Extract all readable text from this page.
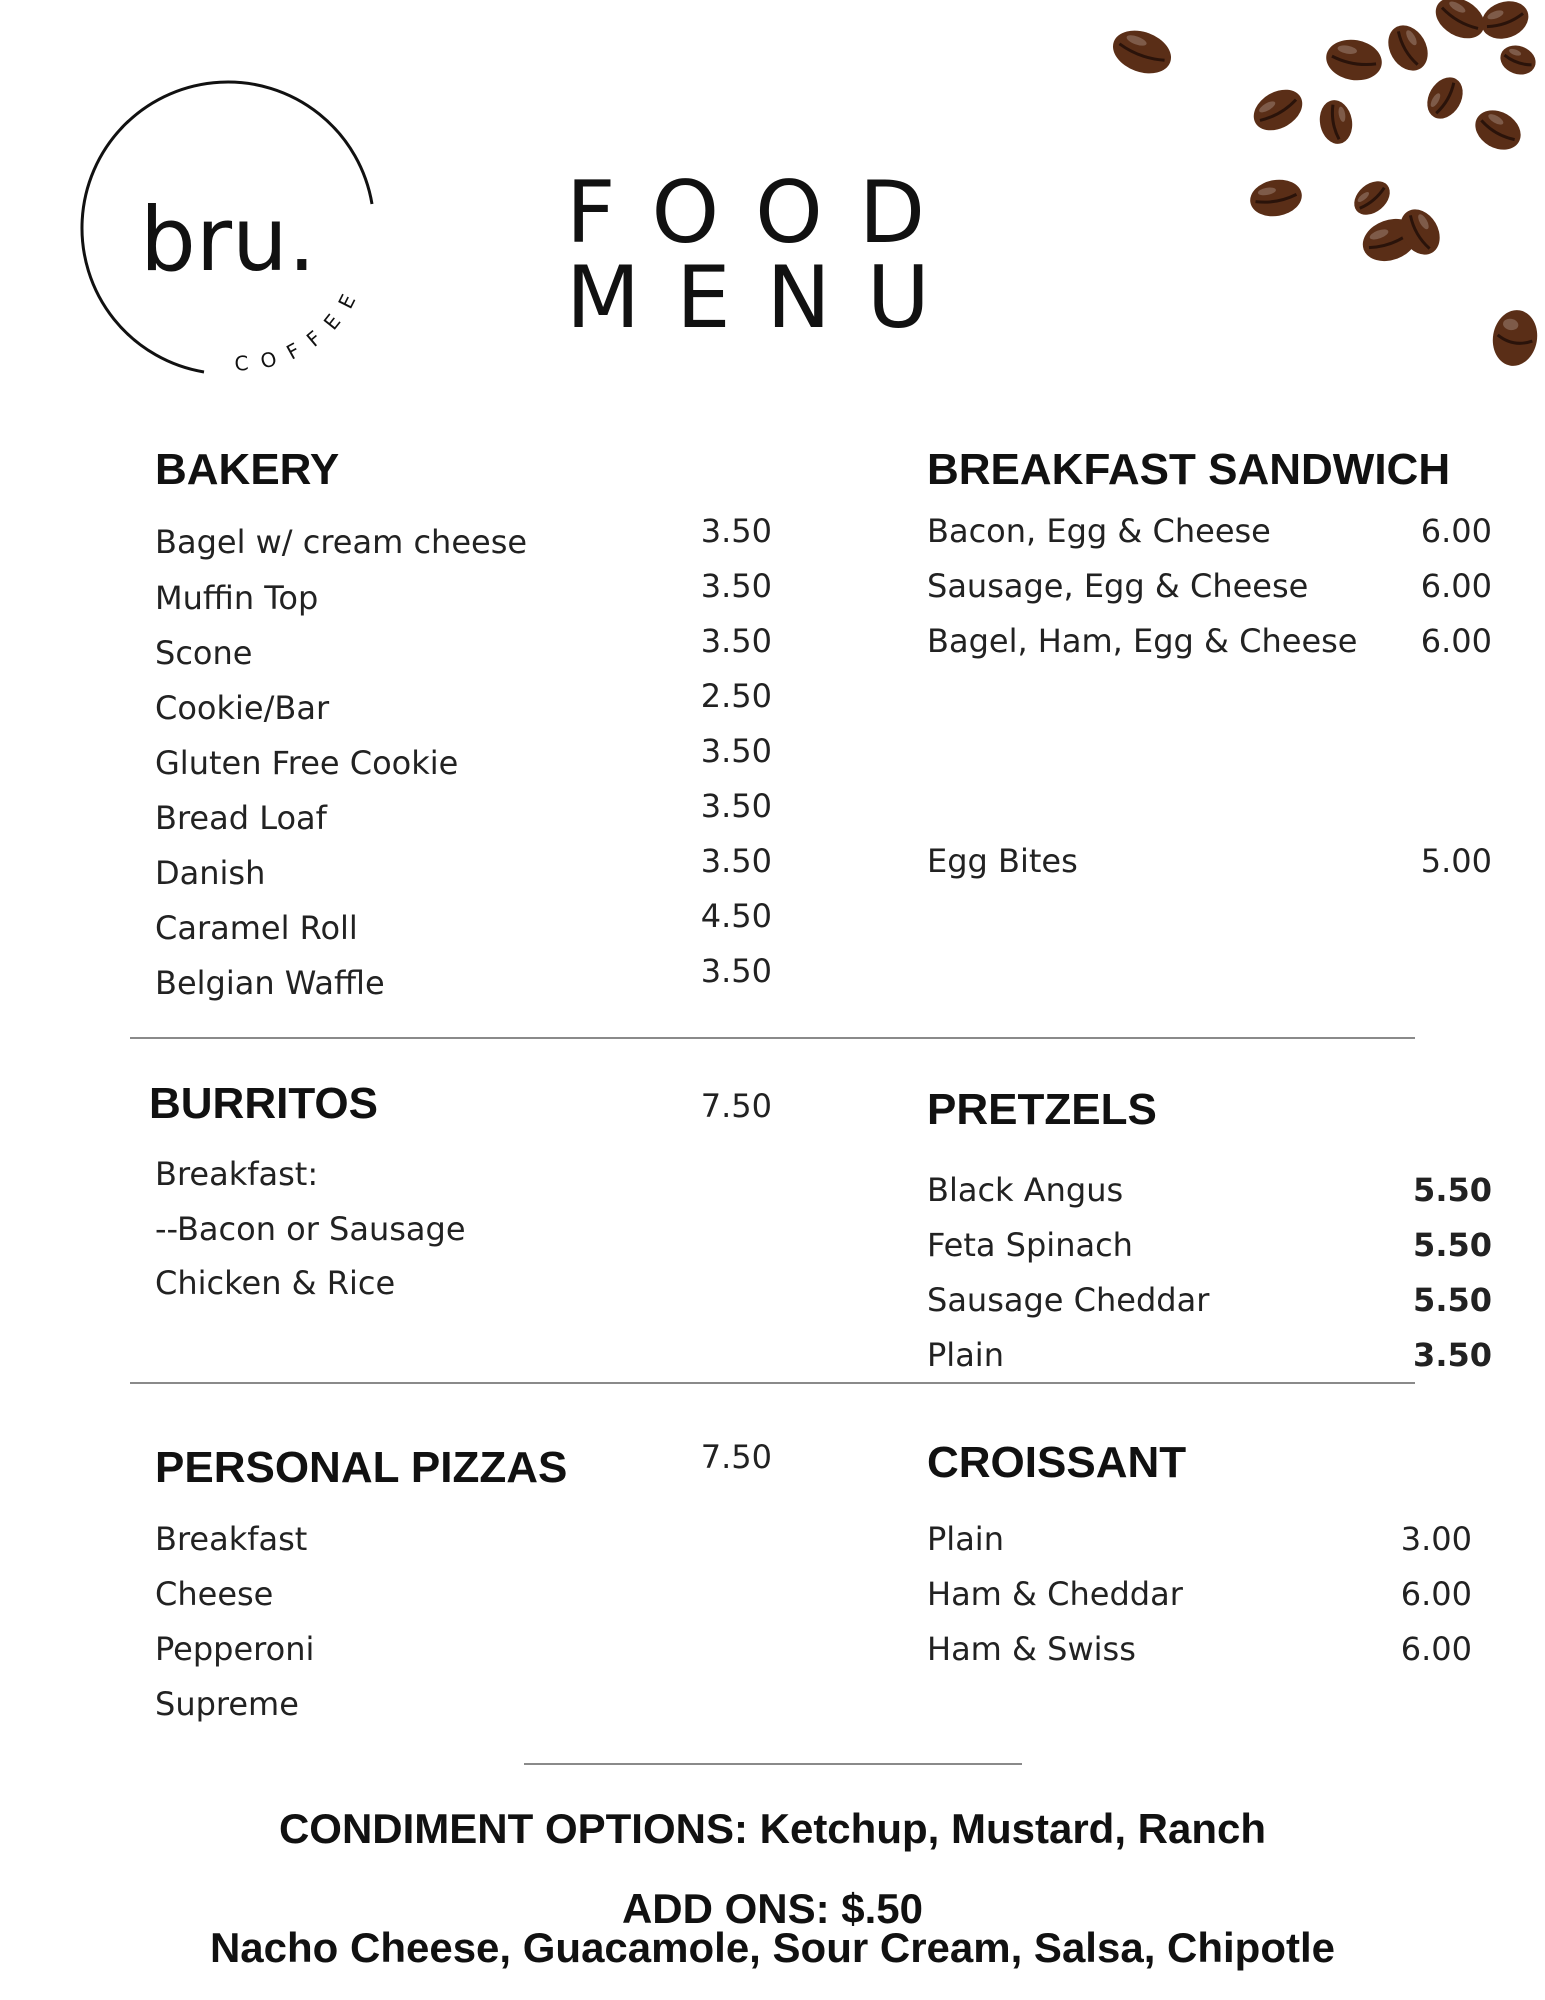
bru.
COFFEE
FOOD
MENU
BAKERY
Bagel w/ cream cheese	3.50
Muffin Top	3.50
Scone	3.50
Cookie/Bar	2.50
Gluten Free Cookie	3.50
Bread Loaf	3.50
Danish	3.50
Caramel Roll	4.50
Belgian Waffle	3.50
BREAKFAST SANDWICH
Bacon, Egg & Cheese	6.00
Sausage, Egg & Cheese	6.00
Bagel, Ham, Egg & Cheese	6.00
Egg Bites	5.00
BURRITOS	7.50
Breakfast:
--Bacon or Sausage
Chicken & Rice
PRETZELS
Black Angus	5.50
Feta Spinach	5.50
Sausage Cheddar	5.50
Plain	3.50
PERSONAL PIZZAS	7.50
Breakfast
Cheese
Pepperoni
Supreme
CROISSANT
Plain	3.00
Ham & Cheddar	6.00
Ham & Swiss	6.00
CONDIMENT OPTIONS: Ketchup, Mustard, Ranch
ADD ONS: $.50
Nacho Cheese, Guacamole, Sour Cream, Salsa, Chipotle
